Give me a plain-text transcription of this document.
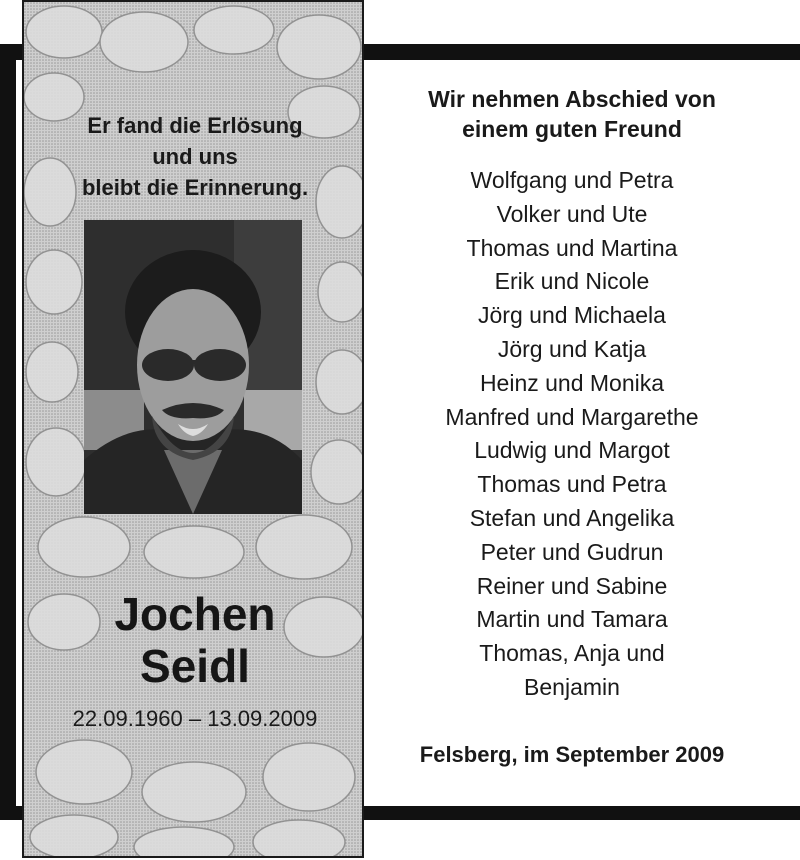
Er fand die Erlösung
und uns
bleibt die Erinnerung.
Jochen
Seidl
22.09.1960 – 13.09.2009
Wir nehmen Abschied von
einem guten Freund
Wolfgang und Petra
Volker und Ute
Thomas und Martina
Erik und Nicole
Jörg und Michaela
Jörg und Katja
Heinz und Monika
Manfred und Margarethe
Ludwig und Margot
Thomas und Petra
Stefan und Angelika
Peter und Gudrun
Reiner und Sabine
Martin und Tamara
Thomas, Anja und
Benjamin
Felsberg, im September 2009
